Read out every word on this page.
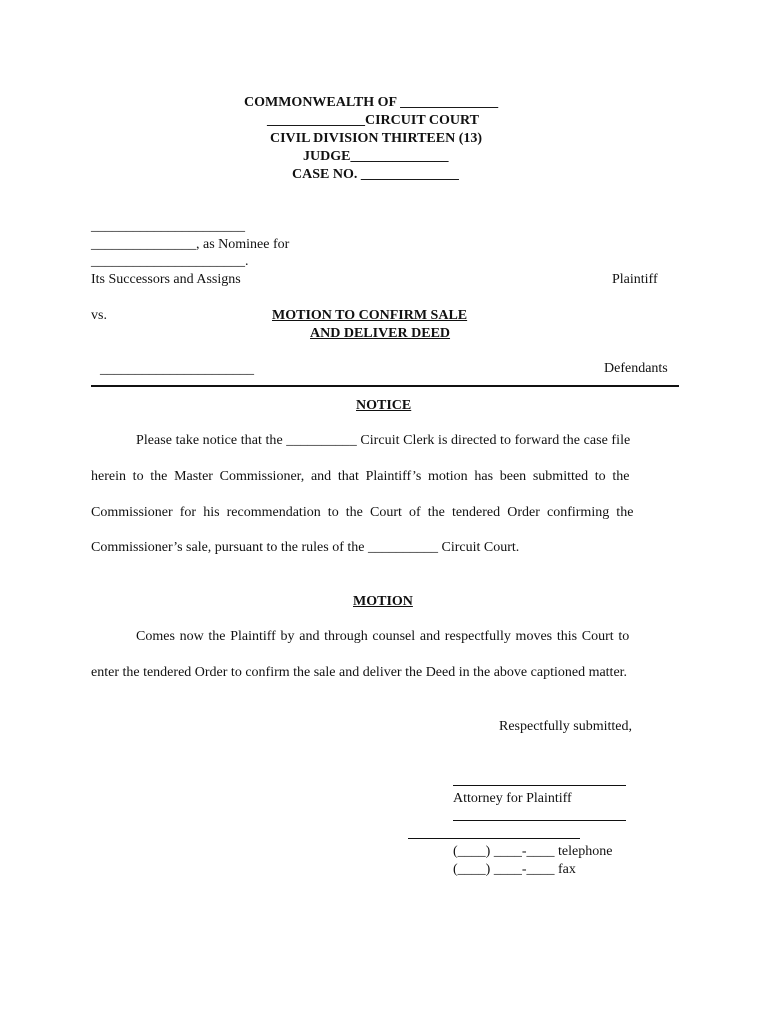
COMMONWEALTH OF ______________
______________CIRCUIT COURT
CIVIL DIVISION THIRTEEN (13)
JUDGE______________
CASE NO. ______________
______________________
_______________, as Nominee for
______________________.
Its Successors and Assigns	Plaintiff
vs.	MOTION TO CONFIRM SALE
AND DELIVER DEED
______________________	Defendants
NOTICE
Please take notice that the __________ Circuit Clerk is directed to forward the case file
herein to the Master Commissioner, and that Plaintiff’s motion has been submitted to the
Commissioner for his recommendation to the Court of the tendered Order confirming the
Commissioner’s sale, pursuant to the rules of the __________ Circuit Court.
MOTION
Comes now the Plaintiff by and through counsel and respectfully moves this Court to
enter the tendered Order to confirm the sale and deliver the Deed in the above captioned matter.
Respectfully submitted,
Attorney for Plaintiff
(____) ____-____ telephone
(____) ____-____ fax
